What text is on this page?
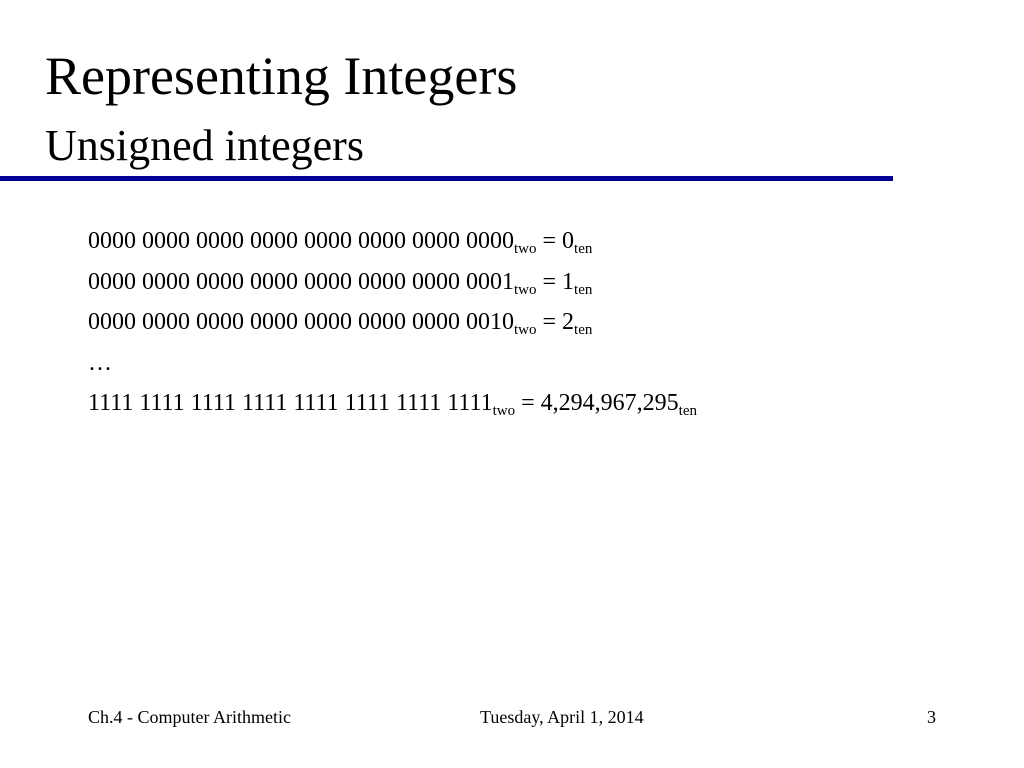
Representing Integers
Unsigned integers
0000 0000 0000 0000 0000 0000 0000 $0000_{two} = 0_{ten}$
0000 0000 0000 0000 0000 0000 0000 $0001_{two} = 1_{ten}$
0000 0000 0000 0000 0000 0000 0000 $0010_{two} = 2_{ten}$
…
1111 1111 1111 1111 1111 1111 1111 $1111_{two} = 4,294,967,295_{ten}$
Ch.4 - Computer Arithmetic	Tuesday, April 1, 2014	3
